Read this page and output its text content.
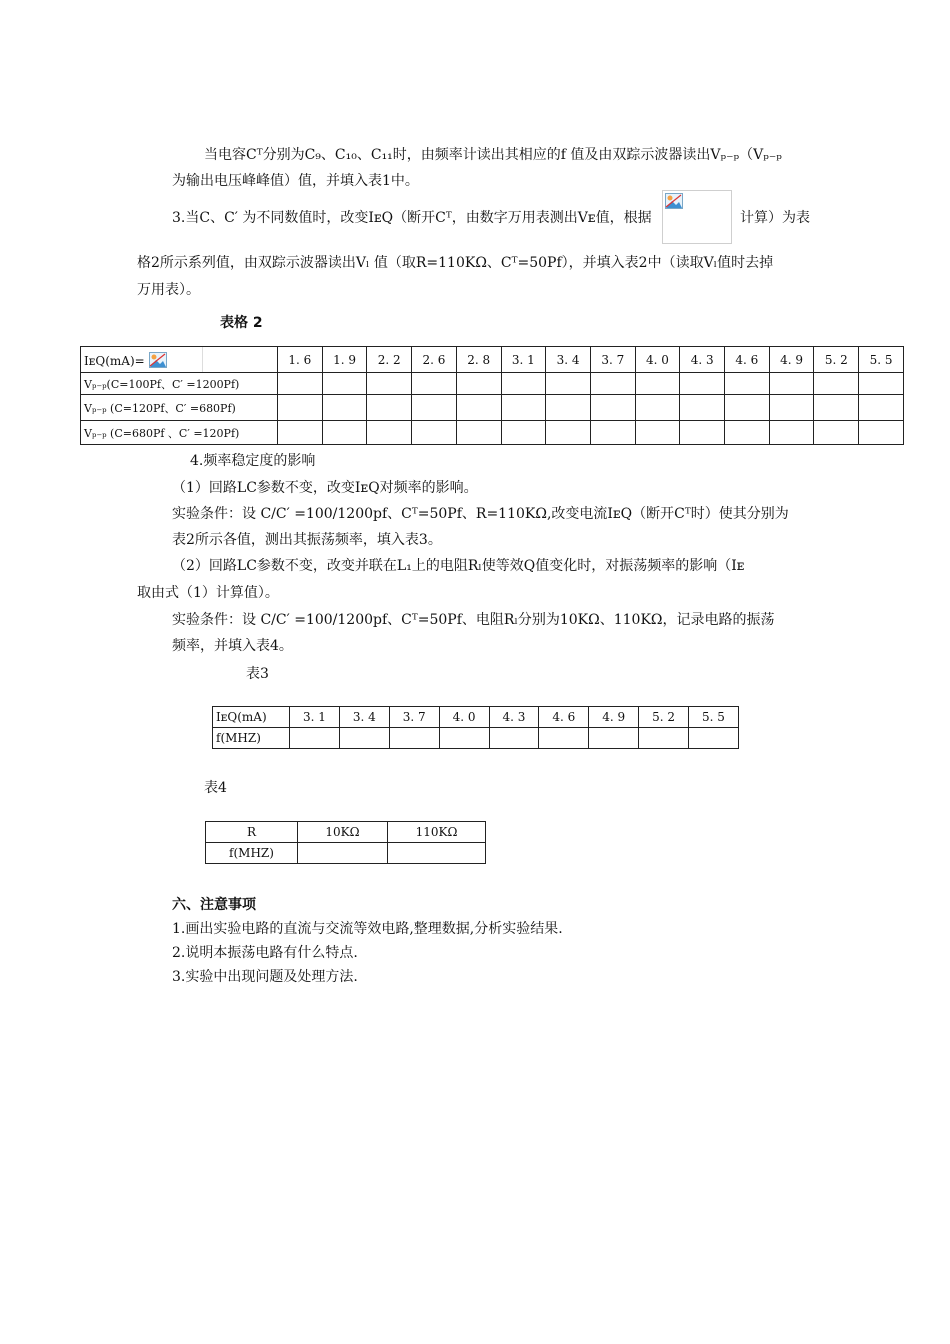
当电容Cᵀ分别为C₉、C₁₀、C₁₁时，由频率计读出其相应的f 值及由双踪示波器读出Vₚ₋ₚ（Vₚ₋ₚ
为输出电压峰峰值）值，并填入表1中。
3.当C、C′ 为不同数值时，改变IᴇQ（断开Cᵀ，由数字万用表测出Vᴇ值，根据	计算）为表
格2所示系列值，由双踪示波器读出Vₗ 值（取R=110KΩ、Cᵀ=50Pf），并填入表2中（读取Vₗ值时去掉
万用表）。
表格 2
IᴇQ(mA)=		1. 6	1. 9	2. 2	2. 6	2. 8	3. 1	3. 4	3. 7	4. 0	4. 3	4. 6	4. 9	5. 2	5. 5
Vₚ₋ₚ(C=100Pf、C′ =1200Pf)															
Vₚ₋ₚ (C=120Pf、C′ =680Pf)															
Vₚ₋ₚ (C=680Pf 、C′ =120Pf)															
4.频率稳定度的影响
（1）回路LC参数不变，改变IᴇQ对频率的影响。
实验条件：设 C/C′ =100/1200pf、Cᵀ=50Pf、R=110KΩ,改变电流IᴇQ（断开Cᵀ时）使其分别为
表2所示各值，测出其振荡频率，填入表3。
（2）回路LC参数不变，改变并联在L₁上的电阻Rₗ使等效Q值变化时，对振荡频率的影响（Iᴇ
取由式（1）计算值）。
实验条件：设 C/C′ =100/1200pf、Cᵀ=50Pf、电阻Rₗ分别为10KΩ、110KΩ，记录电路的振荡
频率，并填入表4。
表3
IᴇQ(mA)	3. 1	3. 4	3. 7	4. 0	4. 3	4. 6	4. 9	5. 2	5. 5
f(MHZ)									
表4
R	10KΩ	110KΩ
f(MHZ)		
六、注意事项
1.画出实验电路的直流与交流等效电路,整理数据,分析实验结果.
2.说明本振荡电路有什么特点.
3.实验中出现问题及处理方法.
